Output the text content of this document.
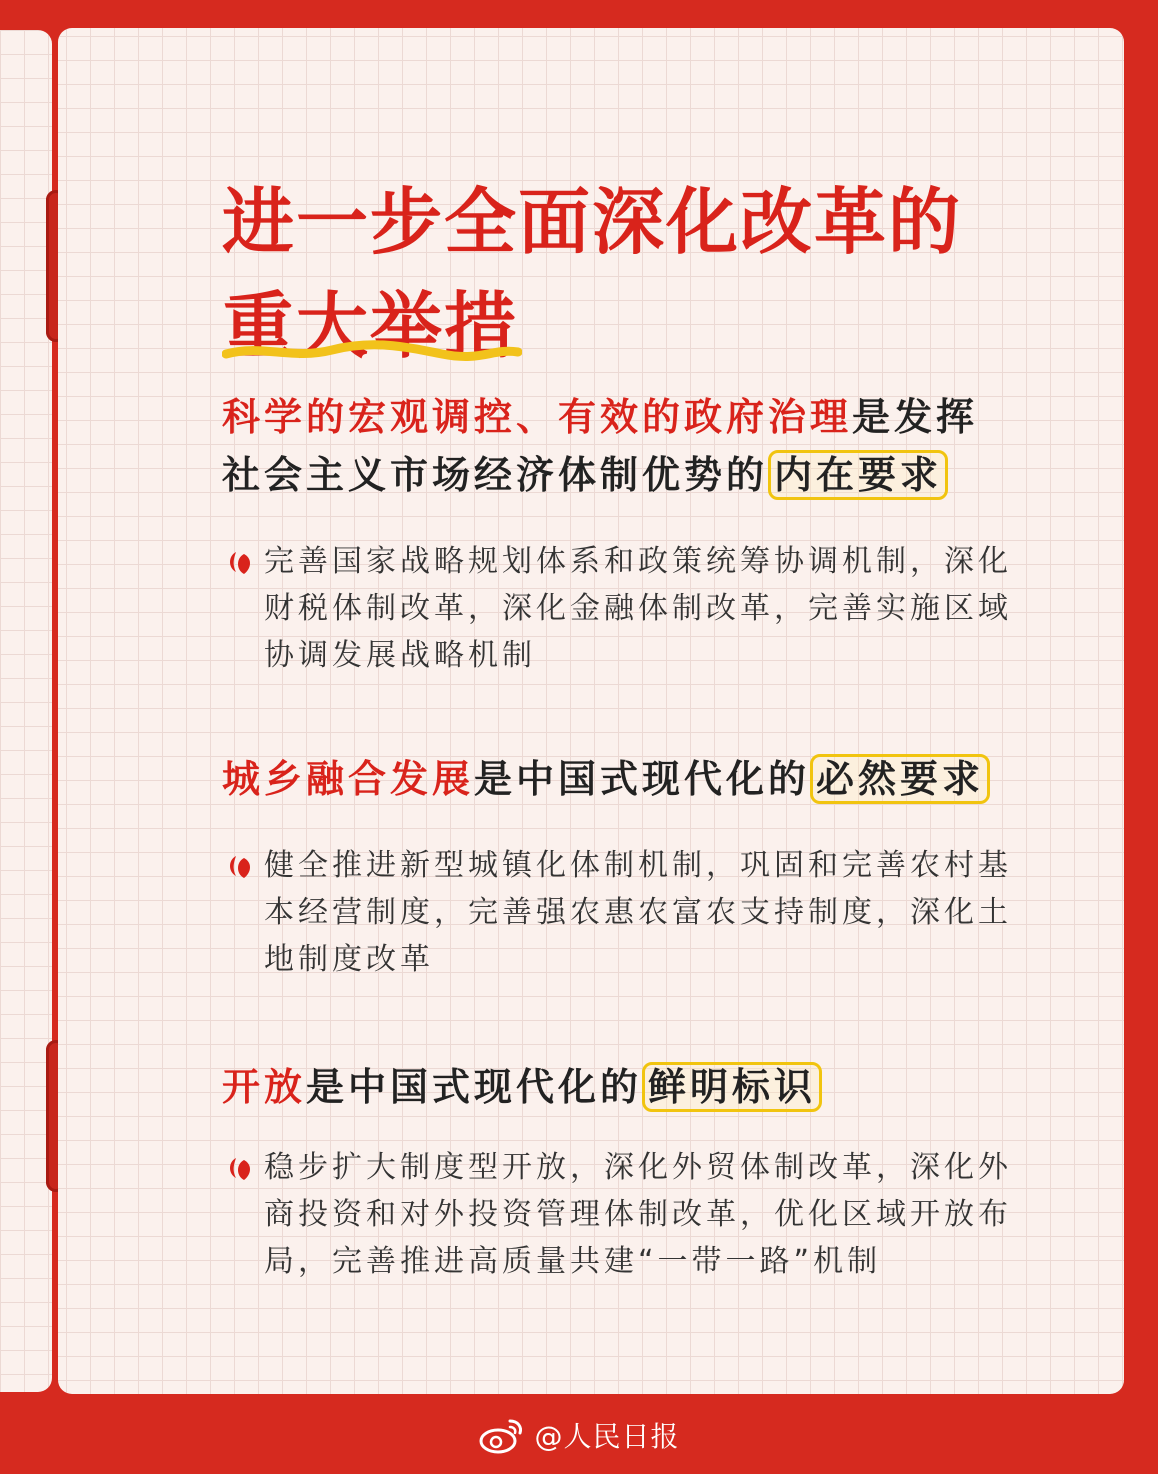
进一步全面深化改革的
重大举措

科学的宏观调控、有效的政府治理是发挥社会主义市场经济体制优势的 内在要求

完善国家战略规划体系和政策统筹协调机制，深化财税体制改革，深化金融体制改革，完善实施区域协调发展战略机制

城乡融合发展是中国式现代化的 必然要求

健全推进新型城镇化体制机制，巩固和完善农村基本经营制度，完善强农惠农富农支持制度，深化土地制度改革

开放是中国式现代化的 鲜明标识

稳步扩大制度型开放，深化外贸体制改革，深化外商投资和对外投资管理体制改革，优化区域开放布局，完善推进高质量共建“一带一路”机制

@人民日报
